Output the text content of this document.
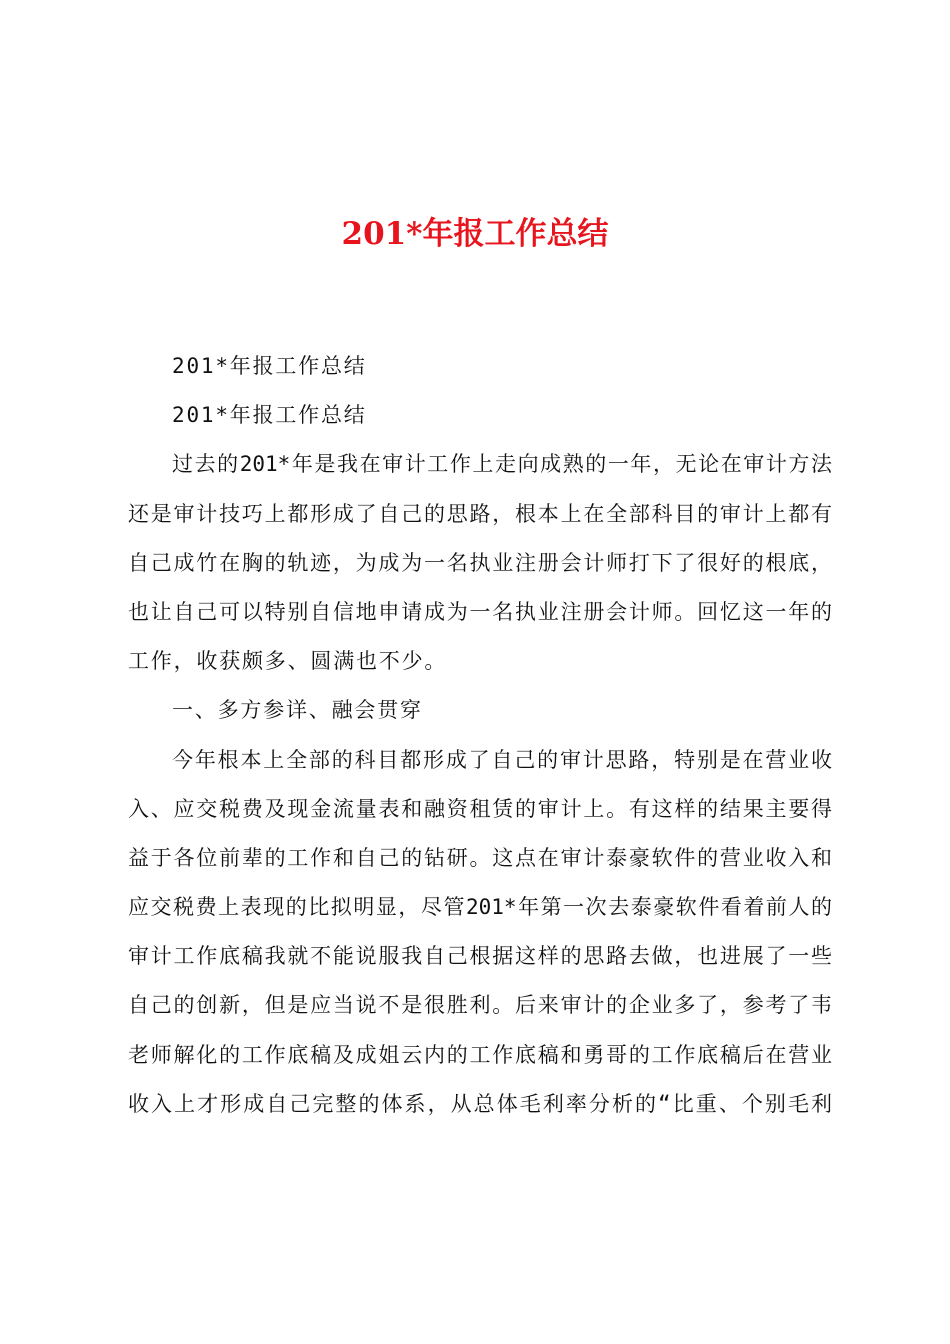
201*年报工作总结
201*年报工作总结
201*年报工作总结
过去的201*年是我在审计工作上走向成熟的一年，无论在审计方法
还是审计技巧上都形成了自己的思路，根本上在全部科目的审计上都有
自己成竹在胸的轨迹，为成为一名执业注册会计师打下了很好的根底，
也让自己可以特别自信地申请成为一名执业注册会计师。回忆这一年的
工作，收获颇多、圆满也不少。
一、多方参详、融会贯穿
今年根本上全部的科目都形成了自己的审计思路，特别是在营业收
入、应交税费及现金流量表和融资租赁的审计上。有这样的结果主要得
益于各位前辈的工作和自己的钻研。这点在审计泰豪软件的营业收入和
应交税费上表现的比拟明显，尽管201*年第一次去泰豪软件看着前人的
审计工作底稿我就不能说服我自己根据这样的思路去做，也进展了一些
自己的创新，但是应当说不是很胜利。后来审计的企业多了，参考了韦
老师解化的工作底稿及成姐云内的工作底稿和勇哥的工作底稿后在营业
收入上才形成自己完整的体系，从总体毛利率分析的“比重、个别毛利
